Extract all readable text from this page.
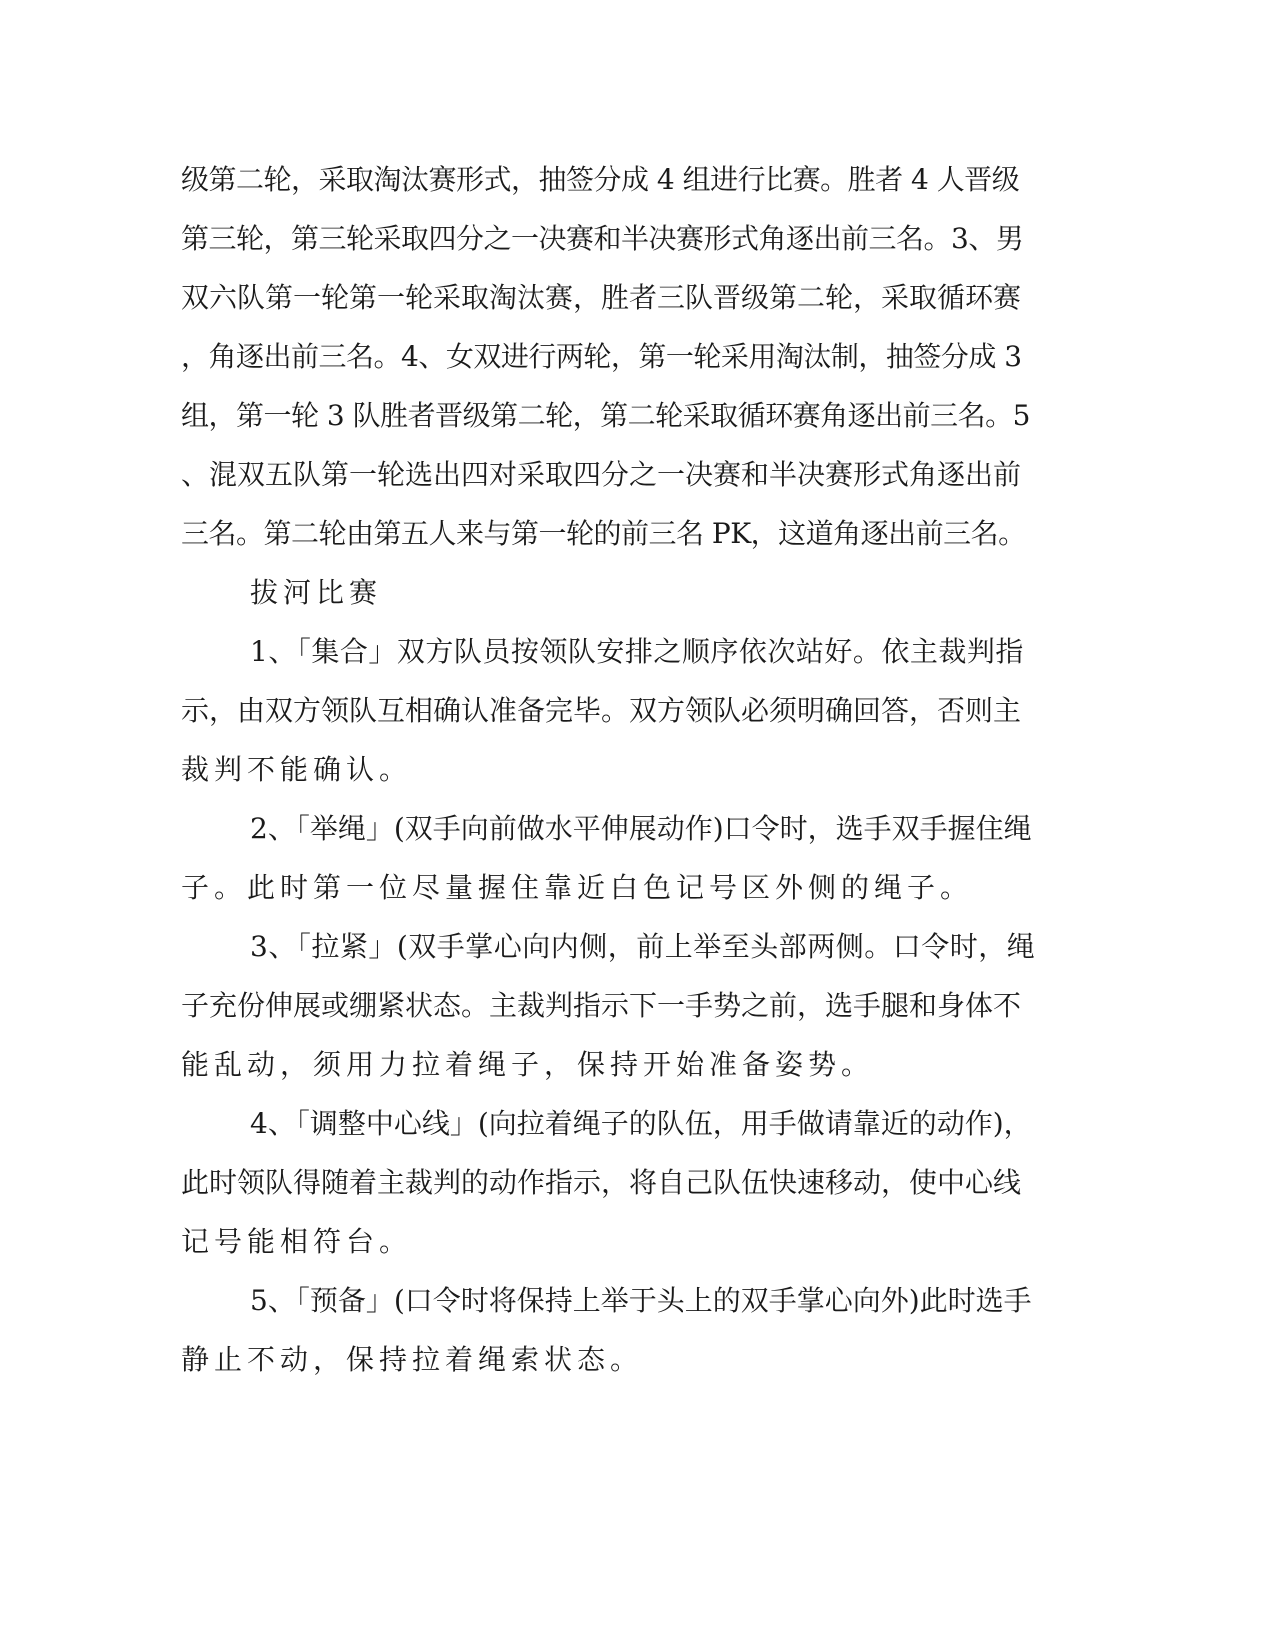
级第二轮，采取淘汰赛形式，抽签分成 4 组进行比赛。胜者 4 人晋级

第三轮，第三轮采取四分之一决赛和半决赛形式角逐出前三名。3、男

双六队第一轮第一轮采取淘汰赛，胜者三队晋级第二轮，采取循环赛

，角逐出前三名。4、女双进行两轮，第一轮采用淘汰制，抽签分成 3

组，第一轮 3 队胜者晋级第二轮，第二轮采取循环赛角逐出前三名。5

、混双五队第一轮选出四对采取四分之一决赛和半决赛形式角逐出前

三名。第二轮由第五人来与第一轮的前三名 PK，这道角逐出前三名。

拔河比赛

1、「集合」双方队员按领队安排之顺序依次站好。依主裁判指

示，由双方领队互相确认准备完毕。双方领队必须明确回答，否则主

裁判不能确认。

2、「举绳」(双手向前做水平伸展动作)口令时，选手双手握住绳

子。此时第一位尽量握住靠近白色记号区外侧的绳子。

3、「拉紧」(双手掌心向内侧，前上举至头部两侧。口令时，绳

子充份伸展或绷紧状态。主裁判指示下一手势之前，选手腿和身体不

能乱动，须用力拉着绳子，保持开始准备姿势。

4、「调整中心线」(向拉着绳子的队伍，用手做请靠近的动作)，

此时领队得随着主裁判的动作指示，将自己队伍快速移动，使中心线

记号能相符台。

5、「预备」(口令时将保持上举于头上的双手掌心向外)此时选手

静止不动，保持拉着绳索状态。
